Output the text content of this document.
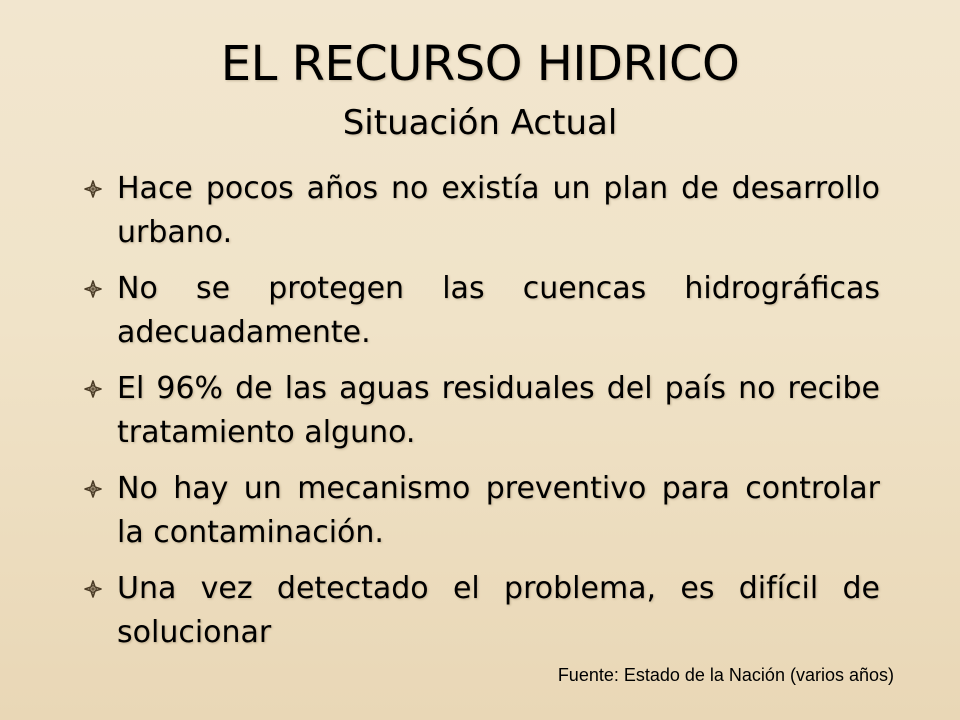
EL RECURSO HIDRICO
Situación Actual
Hace pocos años no existía un plan de desarrollo urbano.
No se protegen las cuencas hidrográficas adecuadamente.
El 96% de las aguas residuales del país no recibe tratamiento alguno.
No hay un mecanismo preventivo para controlar la contaminación.
Una vez detectado el problema, es difícil de solucionar
Fuente: Estado de la Nación (varios años)
